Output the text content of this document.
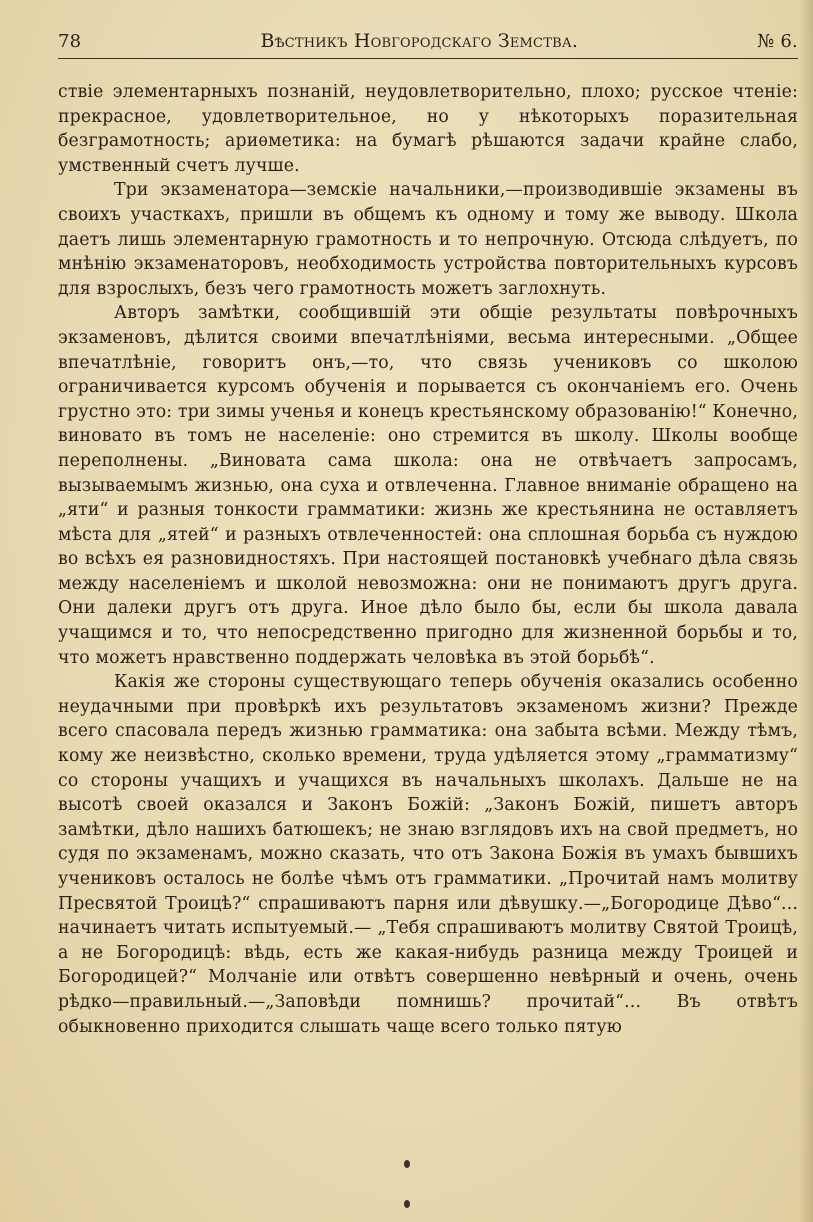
78	Вѣстникъ Новгородскаго Земства.	№ 6.

ствіе элементарныхъ познаній, неудовлетворительно, плохо; русское чтеніе: прекрасное, удовлетворительное, но у нѣкоторыхъ поразительная безграмотность; ариѳметика: на бумагѣ рѣшаются задачи крайне слабо, умственный счетъ лучше.

Три экзаменатора—земскіе начальники,—производившіе экзамены въ своихъ участкахъ, пришли въ общемъ къ одному и тому же выводу. Школа даетъ лишь элементарную грамотность и то непрочную. Отсюда слѣдуетъ, по мнѣнію экзаменаторовъ, необходимость устройства повторительныхъ курсовъ для взрослыхъ, безъ чего грамотность можетъ заглохнуть.

Авторъ замѣтки, сообщившій эти общіе результаты повѣрочныхъ экзаменовъ, дѣлится своими впечатлѣніями, весьма интересными. „Общее впечатлѣніе, говоритъ онъ,—то, что связь учениковъ со школою ограничивается курсомъ обученія и порывается съ окончаніемъ его. Очень грустно это: три зимы ученья и конецъ крестьянскому образованію!“ Конечно, виновато въ томъ не населеніе: оно стремится въ школу. Школы вообще переполнены. „Виновата сама школа: она не отвѣчаетъ запросамъ, вызываемымъ жизнью, она суха и отвлеченна. Главное вниманіе обращено на „яти“ и разныя тонкости грамматики: жизнь же крестьянина не оставляетъ мѣста для „ятей“ и разныхъ отвлеченностей: она сплошная борьба съ нуждою во всѣхъ ея разновидностяхъ. При настоящей постановкѣ учебнаго дѣла связь между населеніемъ и школой невозможна: они не понимаютъ другъ друга. Они далеки другъ отъ друга. Иное дѣло было бы, если бы школа давала учащимся и то, что непосредственно пригодно для жизненной борьбы и то, что можетъ нравственно поддержать человѣка въ этой борьбѣ“.

Какія же стороны существующаго теперь обученія оказались особенно неудачными при провѣркѣ ихъ результатовъ экзаменомъ жизни? Прежде всего спасовала передъ жизнью грамматика: она забыта всѣми. Между тѣмъ, кому же неизвѣстно, сколько времени, труда удѣляется этому „грамматизму“ со стороны учащихъ и учащихся въ начальныхъ школахъ. Дальше не на высотѣ своей оказался и Законъ Божій: „Законъ Божій, пишетъ авторъ замѣтки, дѣло нашихъ батюшекъ; не знаю взглядовъ ихъ на свой предметъ, но судя по экзаменамъ, можно сказать, что отъ Закона Божія въ умахъ бывшихъ учениковъ осталось не болѣе чѣмъ отъ грамматики. „Прочитай намъ молитву Пресвятой Троицѣ?“ спрашиваютъ парня или дѣвушку.—„Богородице Дѣво“... начинаетъ читать испытуемый.— „Тебя спрашиваютъ молитву Святой Троицѣ, а не Богородицѣ: вѣдь, есть же какая-нибудь разница между Троицей и Богородицей?“ Молчаніе или отвѣтъ совершенно невѣрный и очень, очень рѣдко—правильный.—„Заповѣди помнишь? прочитай“... Въ отвѣтъ обыкновенно приходится слышать чаще всего только пятую
